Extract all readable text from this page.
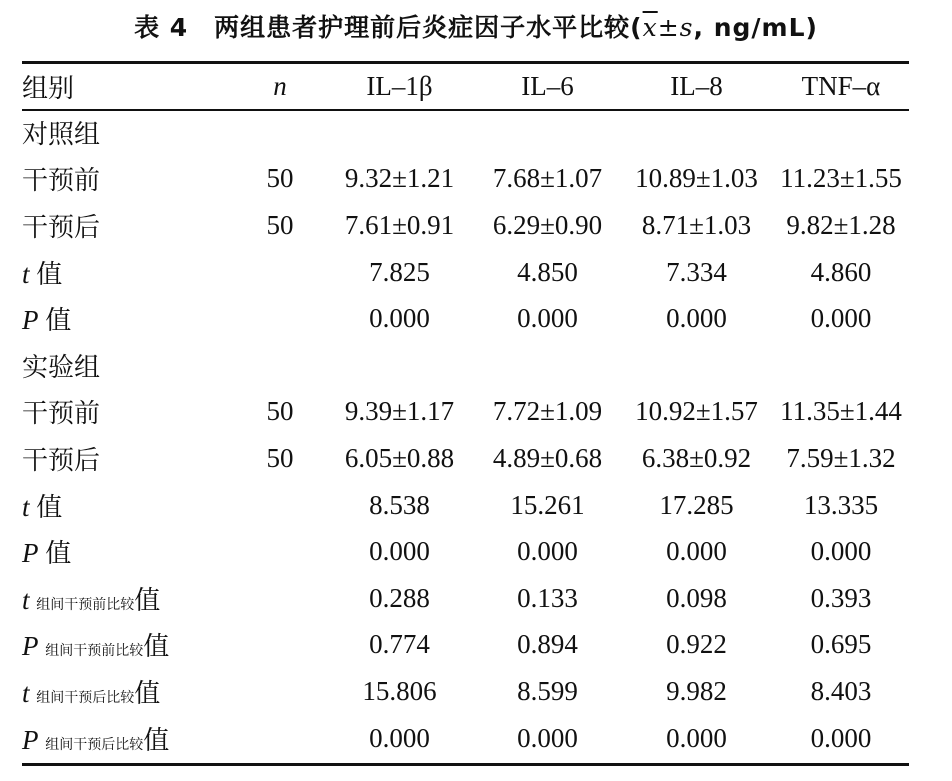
表 4　两组患者护理前后炎症因子水平比较($\overline{x}\pm s$, ng/mL)
组别	n	IL–1β	IL–6	IL–8	TNF–α
对照组					
干预前	50	9.32±1.21	7.68±1.07	10.89±1.03	11.23±1.55
干预后	50	7.61±0.91	6.29±0.90	8.71±1.03	9.82±1.28
t 值		7.825	4.850	7.334	4.860
P 值		0.000	0.000	0.000	0.000
实验组					
干预前	50	9.39±1.17	7.72±1.09	10.92±1.57	11.35±1.44
干预后	50	6.05±0.88	4.89±0.68	6.38±0.92	7.59±1.32
t 值		8.538	15.261	17.285	13.335
P 值		0.000	0.000	0.000	0.000
t 组间干预前比较值		0.288	0.133	0.098	0.393
P 组间干预前比较值		0.774	0.894	0.922	0.695
t 组间干预后比较值		15.806	8.599	9.982	8.403
P 组间干预后比较值		0.000	0.000	0.000	0.000
